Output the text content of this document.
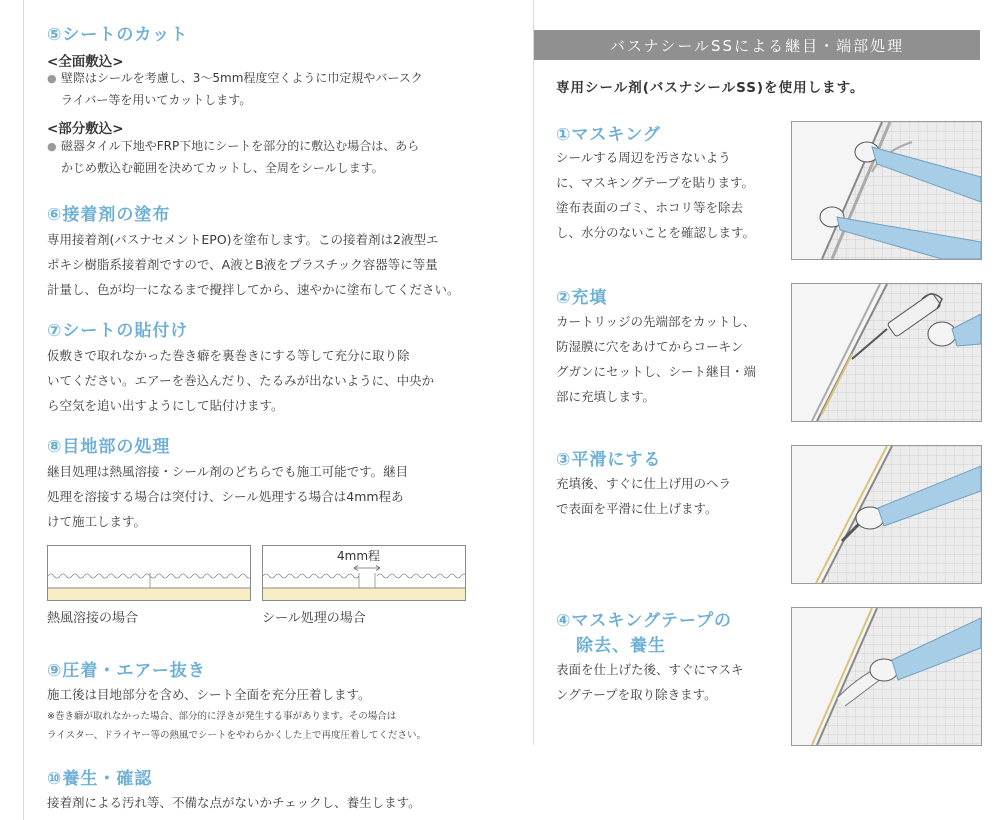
⑤シートのカット

<全面敷込>

● 壁際はシールを考慮し、3〜5mm程度空くように巾定規やバースク

ライバー等を用いてカットします。

<部分敷込>

● 磁器タイル下地やFRP下地にシートを部分的に敷込む場合は、あら

かじめ敷込む範囲を決めてカットし、全周をシールします。

⑥接着剤の塗布

専用接着剤(バスナセメントEPO)を塗布します。この接着剤は2液型エ

ポキシ樹脂系接着剤ですので、A液とB液をプラスチック容器等に等量

計量し、色が均一になるまで攪拌してから、速やかに塗布してください。

⑦シートの貼付け

仮敷きで取れなかった巻き癖を裏巻きにする等して充分に取り除

いてください。エアーを巻込んだり、たるみが出ないように、中央か

ら空気を追い出すようにして貼付けます。

⑧目地部の処理

継目処理は熱風溶接・シール剤のどちらでも施工可能です。継目

処理を溶接する場合は突付け、シール処理する場合は4mm程あ

けて施工します。

4mm程

熱風溶接の場合	シール処理の場合

⑨圧着・エアー抜き

施工後は目地部分を含め、シート全面を充分圧着します。

※巻き癖が取れなかった場合、部分的に浮きが発生する事があります。その場合は

ライスター、ドライヤー等の熱風でシートをやわらかくした上で再度圧着してください。

⑩養生・確認

接着剤による汚れ等、不備な点がないかチェックし、養生します。

バスナシールSSによる継目・端部処理

専用シール剤(バスナシールSS)を使用します。

①マスキング

シールする周辺を汚さないよう

に、マスキングテープを貼ります。

塗布表面のゴミ、ホコリ等を除去

し、水分のないことを確認します。

②充填

カートリッジの先端部をカットし、

防湿膜に穴をあけてからコーキン

グガンにセットし、シート継目・端

部に充填します。

③平滑にする

充填後、すぐに仕上げ用のヘラ

で表面を平滑に仕上げます。

④マスキングテープの
除去、養生

表面を仕上げた後、すぐにマスキ

ングテープを取り除きます。
